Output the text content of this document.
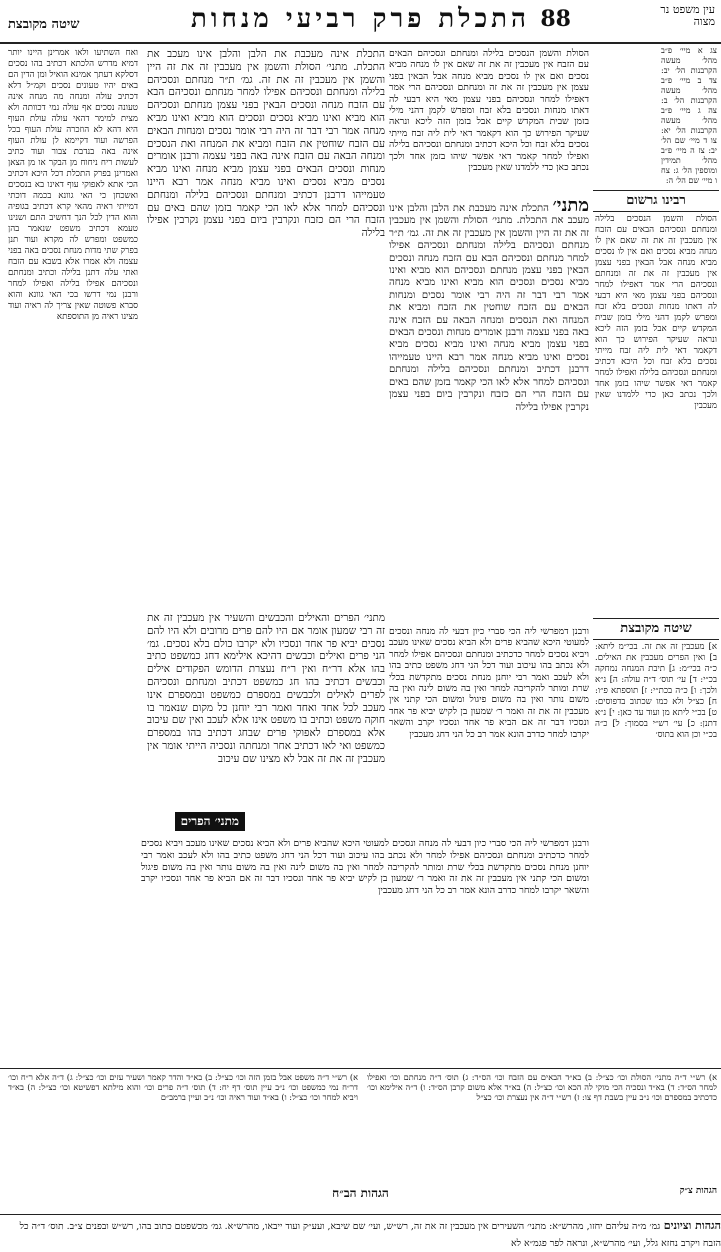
עין משפט נר מצוה
88
התכלת פרק רביעי מנחות
שיטה מקובצת

צג א מיי׳ פ״ב מהל׳ מעשה הקרבנות הל׳ יב: צד ב מיי׳ פ״ב מהל׳ מעשה הקרבנות הל׳ ב: צה ג מיי׳ פ״ב מהל׳ מעשה הקרבנות הל׳ יא: צו ד מיי׳ שם הל׳ יב: צז ה מיי׳ פ״ב מהל׳ תמידין ומוספין הל׳ ג: צח ו מיי׳ שם הל׳ ה:

רבינו גרשום

הסולת והשמן הנסכים בלילה ומנחתם ונסכיהם הבאים עם הזבח אין מעכבין זה את זה שאם אין לו מנחה מביא נסכים ואם אין לו נסכים מביא מנחה אבל הבאין בפני עצמן אין מעכבין זה את זה ומנחתם ונסכיהם הרי אמר דאפילו למחר ונסכיהם בפני עצמן מאי היא דבעי לה דאתו מנחות ונסכים בלא זבח ומפרש לקמן דהני מילי בזמן שבית המקדש קיים אבל בזמן הזה ליכא ונראה שעיקר הפירוש כך הוא דקאמר דאי לית ליה זבח מייתי נסכים בלא זבח וכל היכא דכתיב ומנחתם ונסכיהם בלילה ואפילו למחר קאמר דאי אפשר שיהו בזמן אחד ולכך נכתב כאן כדי ללמדנו שאין מעכבין

שיטה מקובצת

א] מעכבין זה את זה. בכי״מ ליתא: ב] ואין הפרים מעכבין את האילים. כ״ה בכי״מ: ג] תיבת המנחה נמחקה בכ״י: ד] עי׳ תוס׳ ד״ה עולה: ה] נ״א ולכך: ו] כ״ה בכת״י: ז] תוספתא פ״ו: ח] כצ״ל ולא כמו שכתוב בדפוסים: ט] בכ״י ליתא מן ועוד עד כאן: י] נ״א דתנן: כ] עי׳ רש״י בסמוך: ל] כ״ה בכ״י וכן הוא בתוס׳

הסולת והשמן הנסכים בלילה ומנחתם ונסכיהם הבאים עם הזבח אין מעכבין זה את זה שאם אין לו מנחה מביא נסכים ואם אין לו נסכים מביא מנחה אבל הבאין בפני עצמן אין מעכבין זה את זה ומנחתם ונסכיהם הרי אמר דאפילו למחר ונסכיהם בפני עצמן מאי היא דבעי לה דאתו מנחות ונסכים בלא זבח ומפרש לקמן דהני מילי בזמן שבית המקדש קיים אבל בזמן הזה ליכא ונראה שעיקר הפירוש כך הוא דקאמר דאי לית ליה זבח מייתי נסכים בלא זבח וכל היכא דכתיב ומנחתם ונסכיהם בלילה ואפילו למחר קאמר דאי אפשר שיהו בזמן אחד ולכך נכתב כאן כדי ללמדנו שאין מעכבין

מתני׳ התכלת אינה מעכבת את הלבן והלבן אינו מעכב את התכלת. מתני׳ הסולת והשמן אין מעכבין זה את זה היין והשמן אין מעכבין זה את זה. גמ׳ ת״ר מנחתם ונסכיהם בלילה ומנחתם ונסכיהם אפילו למחר מנחתם ונסכיהם הבא עם הזבח מנחה ונסכים הבאין בפני עצמן מנחתם ונסכיהם הוא מביא ואינו מביא נסכים ונסכים הוא מביא ואינו מביא מנחה אמר רבי דבר זה היה רבי אומר נסכים ומנחות הבאים עם הזבח שוחטין את הזבח ומביא את המנחה ואת הנסכים ומנחה הבאה עם הזבח אינה באה בפני עצמה ורבנן אומרים מנחות ונסכים הבאים בפני עצמן מביא מנחה ואינו מביא נסכים מביא נסכים ואינו מביא מנחה אמר רבא היינו טעמייהו דרבנן דכתיב ומנחתם ונסכיהם בלילה ומנחתם ונסכיהם למחר אלא לאו הכי קאמר בזמן שהם באים עם הזבח הרי הם כזבח ונקרבין ביום בפני עצמן נקרבין אפילו בלילה

התכלת אינה מעכבת את הלבן והלבן אינו מעכב את התכלת. מתני׳ הסולת והשמן אין מעכבין זה את זה היין והשמן אין מעכבין זה את זה. גמ׳ ת״ר מנחתם ונסכיהם בלילה ומנחתם ונסכיהם אפילו למחר מנחתם ונסכיהם הבא עם הזבח מנחה ונסכים הבאין בפני עצמן מנחתם ונסכיהם הוא מביא ואינו מביא נסכים ונסכים הוא מביא ואינו מביא מנחה אמר רבי דבר זה היה רבי אומר נסכים ומנחות הבאים עם הזבח שוחטין את הזבח ומביא את המנחה ואת הנסכים ומנחה הבאה עם הזבח אינה באה בפני עצמה ורבנן אומרים מנחות ונסכים הבאים בפני עצמן מביא מנחה ואינו מביא נסכים מביא נסכים ואינו מביא מנחה אמר רבא היינו טעמייהו דרבנן דכתיב ומנחתם ונסכיהם בלילה ומנחתם ונסכיהם למחר אלא לאו הכי קאמר בזמן שהם באים עם הזבח הרי הם כזבח ונקרבין ביום בפני עצמן נקרבין אפילו בלילה

מתני׳ הפרים

מתני׳ הפרים והאילים והכבשים והשעיר אין מעכבין זה את זה רבי שמעון אומר אם היו להם פרים מרובים ולא היו להם נסכים יביא פר אחד ונסכיו ולא יקרבו כולם בלא נסכים. גמ׳ הני פרים ואילים וכבשים דהיכא אילימא דחג כמשפט כתיב בהו אלא דר״ח ואין ר״ח נעצרת הדומש הפקודים אילים וכבשים דכתיב בהו חג כמשפט דכתיב ומנחתם ונסכיהם לפרים לאילים ולכבשים במספרם כמשפט ובמספרם אינו מעכב לכל אחד ואחד ואמר רבי יוחנן כל מקום שנאמר בו חוקה משפט וכתיב בו משפט אינו אלא לעכב ואין שם עיכוב אלא במספרם לאפוקי פרים שבחג דכתיב בהו במספרם כמשפט ואי לאו דכתיב אחר ומנחתה ונסכיה הייתי אומר אין מעכבין זה את זה אבל לא מצינו שם עיכוב

ורבנן דמפרשי ליה הכי סברי כיון דבעי לה מנחה ונסכים למעוטי היכא שהביא פרים ולא הביא נסכים שאינו מעכב ויביא נסכים למחר כדכתיב ומנחתם ונסכיהם אפילו למחר ולא נכתב בהו עיכוב ועוד דכל הני דחג משפט כתיב בהו ולא לעכב ואמר רבי יוחנן מנחת נסכים מתקדשת בכלי שרת ומותר להקריבה למחר ואין בה משום לינה ואין בה משום נותר ואין בה משום פיגול ומשום הכי קתני אין מעכבין זה את זה ואמר ר׳ שמעון בן לקיש יביא פר אחד ונסכיו דבר זה אם הביא פר אחד ונסכיו יקרב והשאר יקרבו למחר כדרב הונא אמר רב כל הני דחג מעכבין

ואח השתיעו ולאו אמרינן היינו יותר דמיא מדרש הלכתא דכתיב בהו נסכים דסלקא דעתך אמינא הואיל ומן הדין הם באים יהיו טעונים נסכים וקמ״ל דלא דכתיב עולה ומנחה מה מנחה אינה טעונה נסכים אף עולה נמי דכוותה ולא מצית למימר דהאי עולה עולת העוף היא דהא לא הוזכרה עולת העוף בכל הפרשה ועוד דקיימא לן עולת העוף אינה באה בנדבת צבור ועוד כתיב לעשות ריח ניחוח מן הבקר או מן הצאן ואמרינן בפרק התכלת דכל היכא דכתיב הכי אתא לאפוקי עוף דאינו בא בנסכים ואשכחן כי האי גוונא בכמה דוכתי דמייתי ראיה מהאי קרא דכתיב בגופיה והוא הדין לכל הנך דחשיב התם ושנינו טעמא דכתיב משפט שנאמר בהן כמשפט ומפרש לה מקרא ועוד תנן בפרק שתי מדות מנחת נסכים באה בפני עצמה ולא אמרו אלא בשבא עם הזבח ואתי עלה דתנן בלילה וכתיב ומנחתם ונסכיהם אפילו בלילה ואפילו למחר ורבנן נמי דרשו בכי האי גוונא והוא סברא פשוטה שאין צריך לה ראיה ועוד מצינו ראיה מן התוספתא

ורבנן דמפרשי ליה הכי סברי כיון דבעי לה מנחה ונסכים למעוטי היכא שהביא פרים ולא הביא נסכים שאינו מעכב ויביא נסכים למחר כדכתיב ומנחתם ונסכיהם אפילו למחר ולא נכתב בהו עיכוב ועוד דכל הני דחג משפט כתיב בהו ולא לעכב ואמר רבי יוחנן מנחת נסכים מתקדשת בכלי שרת ומותר להקריבה למחר ואין בה משום לינה ואין בה משום נותר ואין בה משום פיגול ומשום הכי קתני אין מעכבין זה את זה ואמר ר׳ שמעון בן לקיש יביא פר אחד ונסכיו דבר זה אם הביא פר אחד ונסכיו יקרב והשאר יקרבו למחר כדרב הונא אמר רב כל הני דחג מעכבין

א) רש״י ד״ה משפט אבל בזמן הזה וכו׳ כצ״ל: ב) בא״ד והדר קאמר ושעיר עזים וכו׳ כצ״ל: ג) ד״ה אלא ר״ח וכו׳ דר״ח נמי כמשפט וכו׳ נ״ב עיין תוס׳ דף יח: ד) תוס׳ ד״ה פרים וכו׳ והוא מילתא דפשיטא וכו׳ כצ״ל: ה) בא״ד ויביא למחר וכו׳ כצ״ל: ו) בא״ד ועוד ראיה וכו׳ נ״ב ועיין ברמב״ם

א) רש״י ד״ה מתני׳ הסולת וכו׳ כצ״ל: ב) בא״ד הבאים עם הזבח וכו׳ הס״ד: ג) תוס׳ ד״ה מנחתם וכו׳ ואפילו למחר הס״ד: ד) בא״ד ונסכיה הכי מוקי לה הכא וכו׳ כצ״ל: ה) בא״ד אלא משום קרבן הס״ד: ו) ד״ה אילימא וכו׳ כדכתיב במספרם וכו׳ נ״ב עיין בשבת דף צו: ז) רש״י ד״ה אין נעצרת וכו׳ כצ״ל

הגהות הב״ח	הגהות צ״ק
הגהות וציונים גמ׳ מ״ה עליהם יחזו, מהרש״א: מתני׳ השעירים אין מעכבין זה את זה, רש״ש, ועי׳ שם שיבא, ועע״ק ועוד ייבאו, מהרש״א. גמ׳ מכשפטם כתוב בהו, רש״ש ובפנים צ״ב. תוס׳ ד״ה כל הזבח ויקרב נחזא גלל, ועי׳ מהרש״א, ונראה לפר פגמ״א לא
